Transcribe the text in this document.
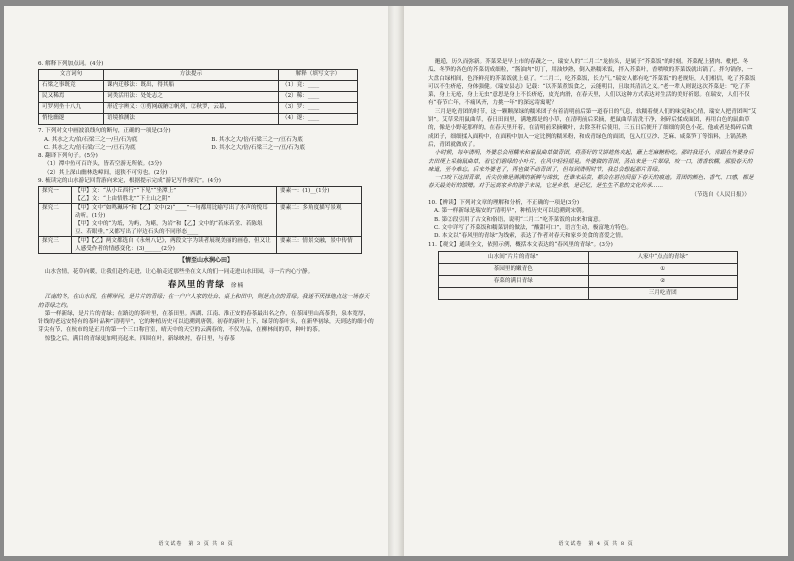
6. 解释下列加点词。(4分)

文言词句	方法提示	解释（填写文字）
石梁之事既竞	课内迁移法：既出，得其船	（1）竟：____
民又稀焉	词类活用法：处处志之	（2）稀：____
可罗列坐十八九	形近字辨义：①剪网疏陋②帆列，②秋罗，云幕，	（3）罗：____
悄怆幽邃	语境推测法	（4）邃：____

7. 下列对文中画波浪线句的断句，正确的一项是(3分)

A. 其水之大/伯/石梁三之一/旦/石为底	B. 其水之大/倍/石梁三之一/亘石为底

C. 其水之大/倍石梁/三之一/亘石为底	D. 其水之大/倍/石梁三之一/亘/石为底

8. 翻译下列句子。(5分)

（1）潭中鱼可百许头，皆若空游无所依。(3分)

（2）其上深山幽林迭嶂间，退狭不可穷也。(2分)

9. 梳读完的山水游记回背游向来定，根据提示完成“游记写作探究”。(4分)

探究一	【甲】文：“从小丘西行”“下见”“坐潭上”
【乙】文：“上由悟胜北”“下土山之阴”	要素一：(1)__(1分)
探究二	【甲】文中“如鸣珮环”和【乙】文中(2)“____”一句都用比喻写出了水声的悦耳动听。(1分)
【甲】文中的“为坻，为屿，为嵁，为岩”和【乙】文中的“若床若堂、若陈俎豆、若眼垂，”又都写出了岸边石头的不同形态____	要素二：多角度描写景观
探究三	【甲】【乙】两文都选自《永州八记》，两段文字为读者展现美丽的画卷，但又让人感受作者的情感变化：(3)______(2分)	要素三：情景交融，景中传情

【情至山水润心田】

山水含情，花草向暖，让我们赴约走进，让心胎走近那些坐在文人的们一同走进山水田园，寻一片内心宁静。

春风里的青绿 徐楠

江南的冬，在山水间，在柳岸问，是片片的青绿；在一户户人家的灶台、桌上和田中，则是点点的青绿。我迷不厌择地点这一场春天的青绿之约。

第一样新绿，是片片的青绿；在路边的茶叶里，在茶田里。西湖、江南、淮正安的春茶最出名之作，在茶园里山高茶贵，泉本宽厚，针线的老远安特有的茶叶品种“清明早”，它的种植历史可以追溯到唐朝。初春的新叶上下，绿芽的茶叶头，在新华初绿，天到达的细小的芽尖有节，在杭市的是正月的第一个三口称宫室，晴天中的天空的云满春的，不仅为品，在柳林间的草，种叶的茶。

惊蛰之后，满目的青绿更加明亮起来。四围在叶，新绿映衬，春日里，与春茶

语文试卷　第 3 页 共 8 页

邂逅，历久而弥新。芥菜采是早上市的春蔬之一，瑞安人的“二月二”龙抬头，是属于“芥菜饭”的时刻。芥菜配上猪肉、枇杷、冬瓜、冬笋的各色的芥菜切成细粒，“酱油肉”切丁，用油炒熟，倒入熟糯米饭，拌入芥菜叶，香喷喷的芥菜饭就出锅了。拌匀锅你，一大盘白绿相间，色泽鲜亮的芥菜饭就上桌了。“二月二，吃芥菜饭，长力气。”瑞安人都有吃“芥菜饭”的老规矩，人们相信，吃了芥菜饭可以不生疥疮，身体强健。《瑞安县志》记载：“以芥菜煮饭食之，云能明目，且取其清洁之义。”老一辈人则说这次芥菜是：“吃了芥菜，身上无疮，身上无虫”意思是身上不长疥疮，皮光肉滑，在春天里，人们以这种方式表达对生活的美好祈愿。在瑞安，人们不仅有“春节亡年，不痛风齐，力挑一年”的深远寄寓呢？

三月是吃青团的时节，这一颗颗深绿的糯米团子有着清明前后第一道春日的气息，软糯着便人们的味觉和心情，瑞安人把青团叫“艾饼”。艾草采用鼠曲草，春日田间里，满地都是的小草，在清明前后采摘，把鼠曲草清洗干净，剁碎后揉成面团，再用白色的鼠曲草的，像是小野花那样的，在春天里开着，在清明前采摘嫩叶，去除茎秆后使用，三五日后便开了细细的黄色小花，他或者是捣碎后做成团子，细细揉入面粉中，在面粉中加入一定比例的糯米粉，和成青绿色的面团，包入红豆沙、芝麻、咸菜笋丁等馅料，上锅蒸熟后，青团就做成了。

小时候，每年清明，外婆总会用糯米和着鼠曲草做青团，将蒸好的艾饼趁热夹起，蘸上芝麻糖粉吃。那时我还小，常跟在外婆身后去田埂上采摘鼠曲草，看它们碧绿的小叶片，在风中轻轻摇晃。外婆做的青团，蒸出来是一片翠绿，咬一口，清香软糯，那股春天的味道，至今难忘。后来外婆老了，再也做不动青团了，但每到清明时节，我总会想起那片青绿。

一口咬下这团青翠，舌尖仿佛是满满的新鲜与绵软，任谁来品尝，都会在唇齿间留下春天的痕迹。青团的颜色、香气、口感，都是春天最美好的馈赠。对于远离家乡的游子来说，它是乡愁，是记忆，是生生不息的文化传承……

（节选自《人民日报》）

10.【辨读】下列对文章的理解和分析，不正确的一项是(3分)

A. 第一样新绿是瑞安的“清明早”，种植历史可以追溯到宋朝。

B. 第②段引用了古文和俗语，说明“二月二”吃芥菜饭的由来和寓意。

C. 文中详写了芥菜饭和糯菜饼的做法，“酸甜可口”，语言生动，极富地方特色。

D. 本文以“春风里的青绿”为线索，表达了作者对春天和家乡美食的喜爱之情。

11.【观文】通读全文，依照示例，概括本文表达的“春风里的青绿”。(3分)

山水间“片片的青绿”	人家中“点点的青绿”
茶园里的嫩青色	①
春菜的满目青绿	②
	三月吃青团
语文试卷　第 4 页 共 8 页
